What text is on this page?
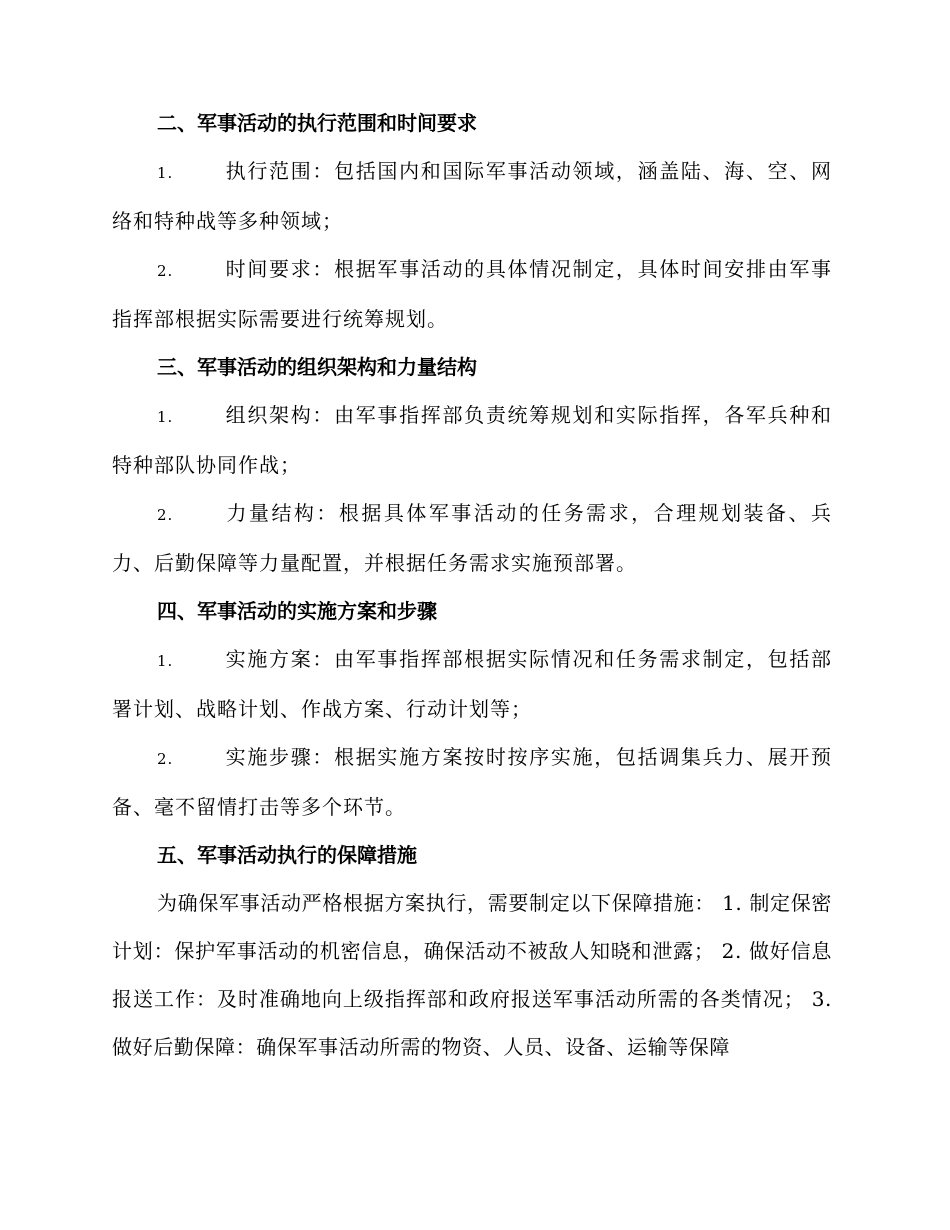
二、军事活动的执行范围和时间要求
1.	执行范围：包括国内和国际军事活动领域，涵盖陆、海、空、网络和特种战等多种领域；
2.	时间要求：根据军事活动的具体情况制定，具体时间安排由军事指挥部根据实际需要进行统筹规划。
三、军事活动的组织架构和力量结构
1.	组织架构：由军事指挥部负责统筹规划和实际指挥，各军兵种和特种部队协同作战；
2.	力量结构：根据具体军事活动的任务需求，合理规划装备、兵力、后勤保障等力量配置，并根据任务需求实施预部署。
四、军事活动的实施方案和步骤
1.	实施方案：由军事指挥部根据实际情况和任务需求制定，包括部署计划、战略计划、作战方案、行动计划等；
2.	实施步骤：根据实施方案按时按序实施，包括调集兵力、展开预备、毫不留情打击等多个环节。
五、军事活动执行的保障措施
为确保军事活动严格根据方案执行，需要制定以下保障措施： 1. 制定保密计划：保护军事活动的机密信息，确保活动不被敌人知晓和泄露； 2. 做好信息报送工作：及时准确地向上级指挥部和政府报送军事活动所需的各类情况； 3. 做好后勤保障：确保军事活动所需的物资、人员、设备、运输等保障
